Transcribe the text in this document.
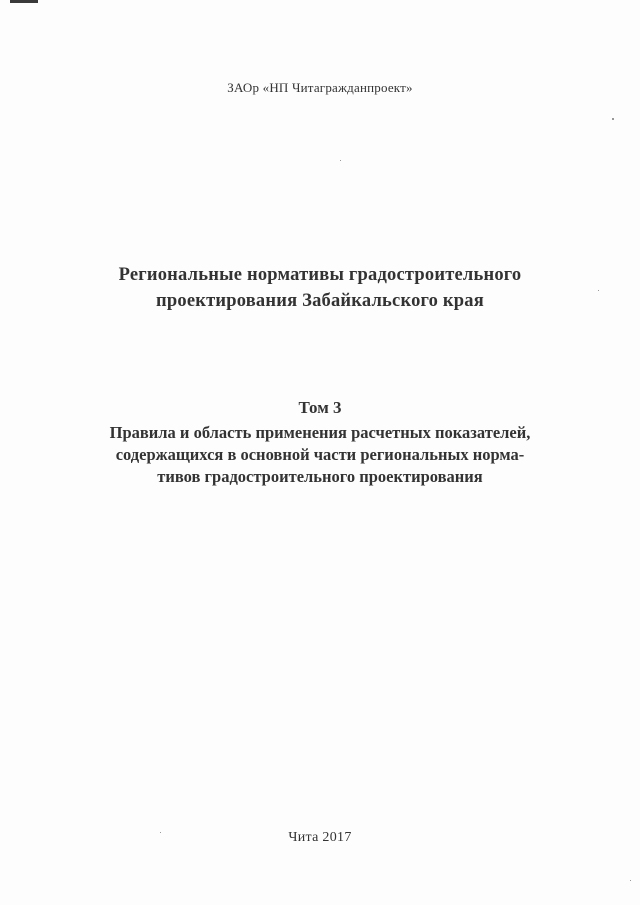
ЗАОр «НП Читагражданпроект»
Региональные нормативы градостроительного
проектирования Забайкальского края
Том 3
Правила и область применения расчетных показателей,
содержащихся в основной части региональных норма-
тивов градостроительного проектирования
Чита 2017
